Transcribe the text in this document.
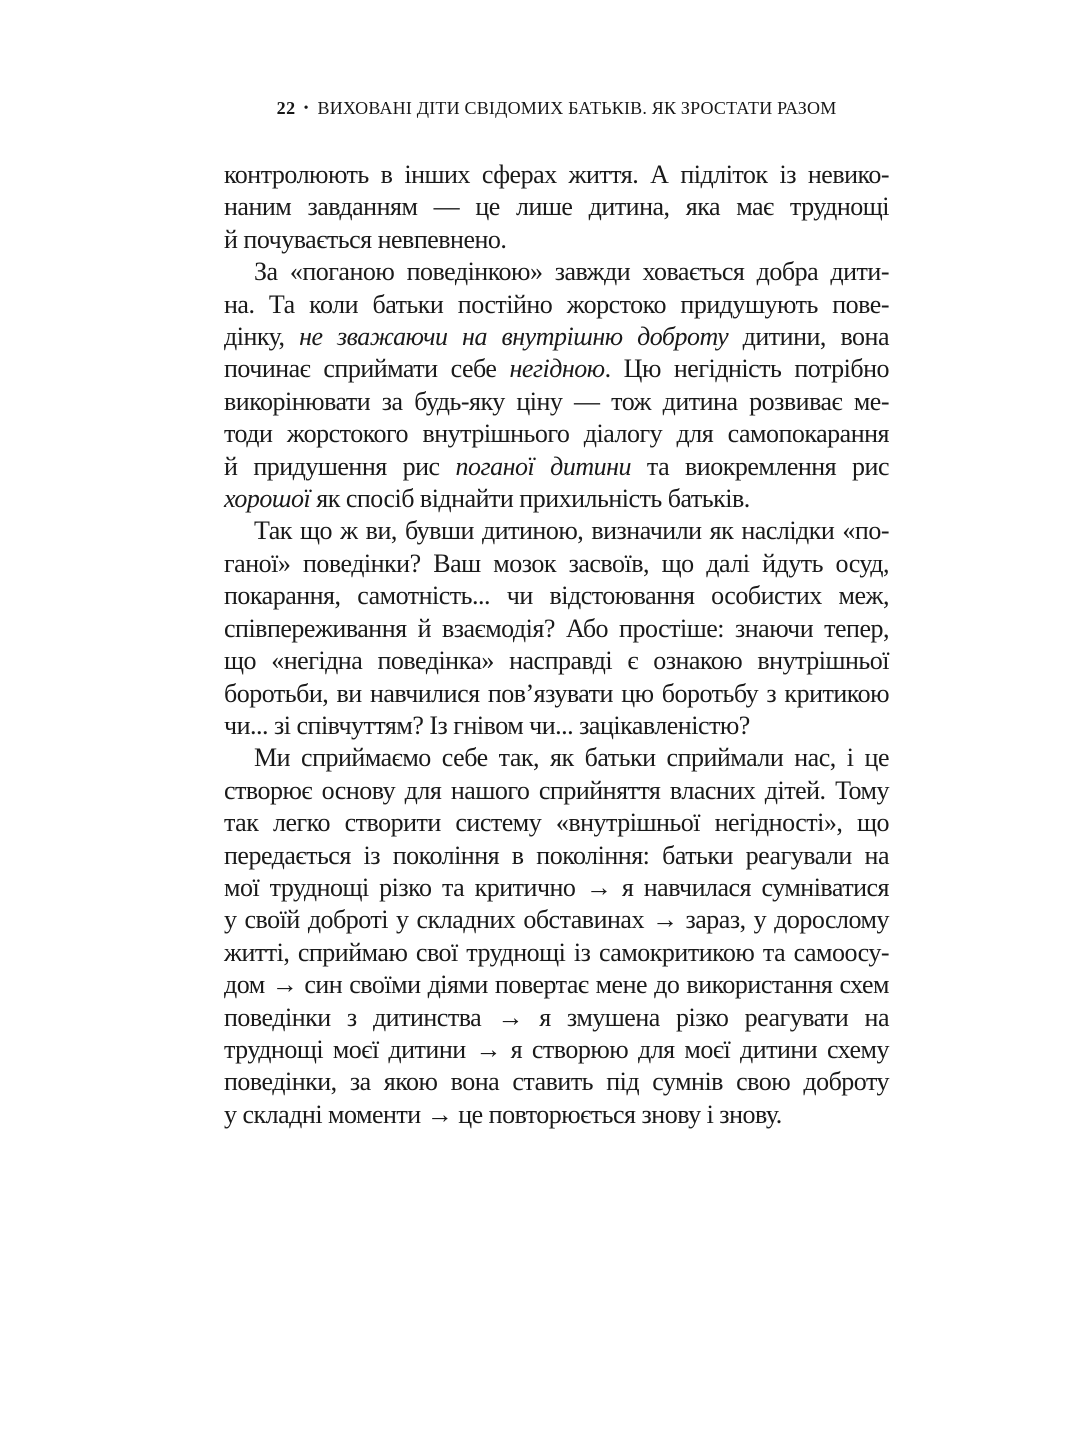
22 • ВИХОВАНІ ДІТИ СВІДОМИХ БАТЬКІВ. ЯК ЗРОСТАТИ РАЗОМ
контролюють в інших сферах життя. А підліток із невико-
наним завданням — це лише дитина, яка має труднощі
й почувається невпевнено.
За «поганою поведінкою» завжди ховається добра дити-
на. Та коли батьки постійно жорстоко придушують пове-
дінку, не зважаючи на внутрішню доброту дитини, вона
починає сприймати себе негідною. Цю негідність потрібно
викорінювати за будь-яку ціну — тож дитина розвиває ме-
тоди жорстокого внутрішнього діалогу для самопокарання
й придушення рис поганої дитини та виокремлення рис
хорошої як спосіб віднайти прихильність батьків.
Так що ж ви, бувши дитиною, визначили як наслідки «по-
ганої» поведінки? Ваш мозок засвоїв, що далі йдуть осуд,
покарання, самотність... чи відстоювання особистих меж,
співпереживання й взаємодія? Або простіше: знаючи тепер,
що «негідна поведінка» насправді є ознакою внутрішньої
боротьби, ви навчилися пов’язувати цю боротьбу з критикою
чи... зі співчуттям? Із гнівом чи... зацікавленістю?
Ми сприймаємо себе так, як батьки сприймали нас, і це
створює основу для нашого сприйняття власних дітей. Тому
так легко створити систему «внутрішньої негідності», що
передається із покоління в покоління: батьки реагували на
мої труднощі різко та критично → я навчилася сумніватися
у своїй доброті у складних обставинах → зараз, у дорослому
житті, сприймаю свої труднощі із самокритикою та самоосу-
дом → син своїми діями повертає мене до використання схем
поведінки з дитинства → я змушена різко реагувати на
труднощі моєї дитини → я створюю для моєї дитини схему
поведінки, за якою вона ставить під сумнів свою доброту
у складні моменти → це повторюється знову і знову.
